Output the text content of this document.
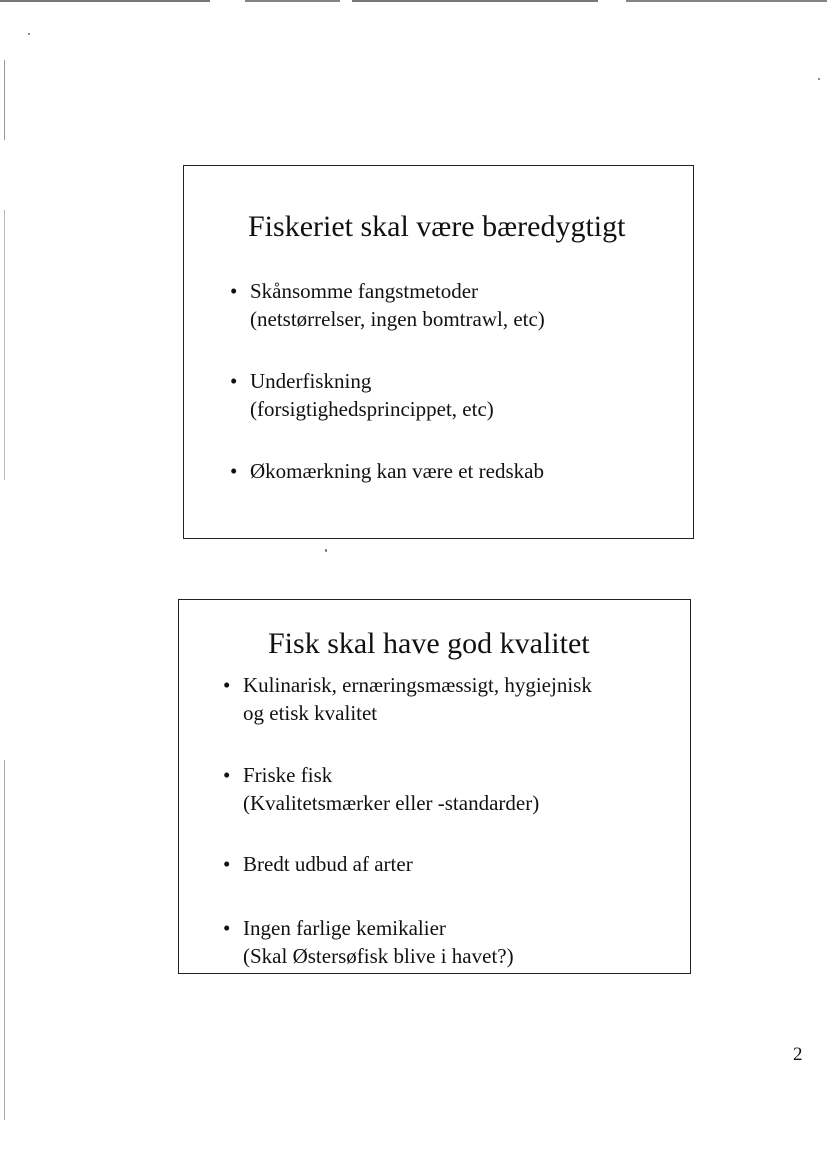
Fiskeriet skal være bæredygtigt
• Skånsomme fangstmetoder
(netstørrelser, ingen bomtrawl, etc)
• Underfiskning
(forsigtighedsprincippet, etc)
• Økomærkning kan være et redskab
Fisk skal have god kvalitet
• Kulinarisk, ernæringsmæssigt, hygiejnisk
og etisk kvalitet
• Friske fisk
(Kvalitetsmærker eller -standarder)
• Bredt udbud af arter
• Ingen farlige kemikalier
(Skal Østersøfisk blive i havet?)
2
